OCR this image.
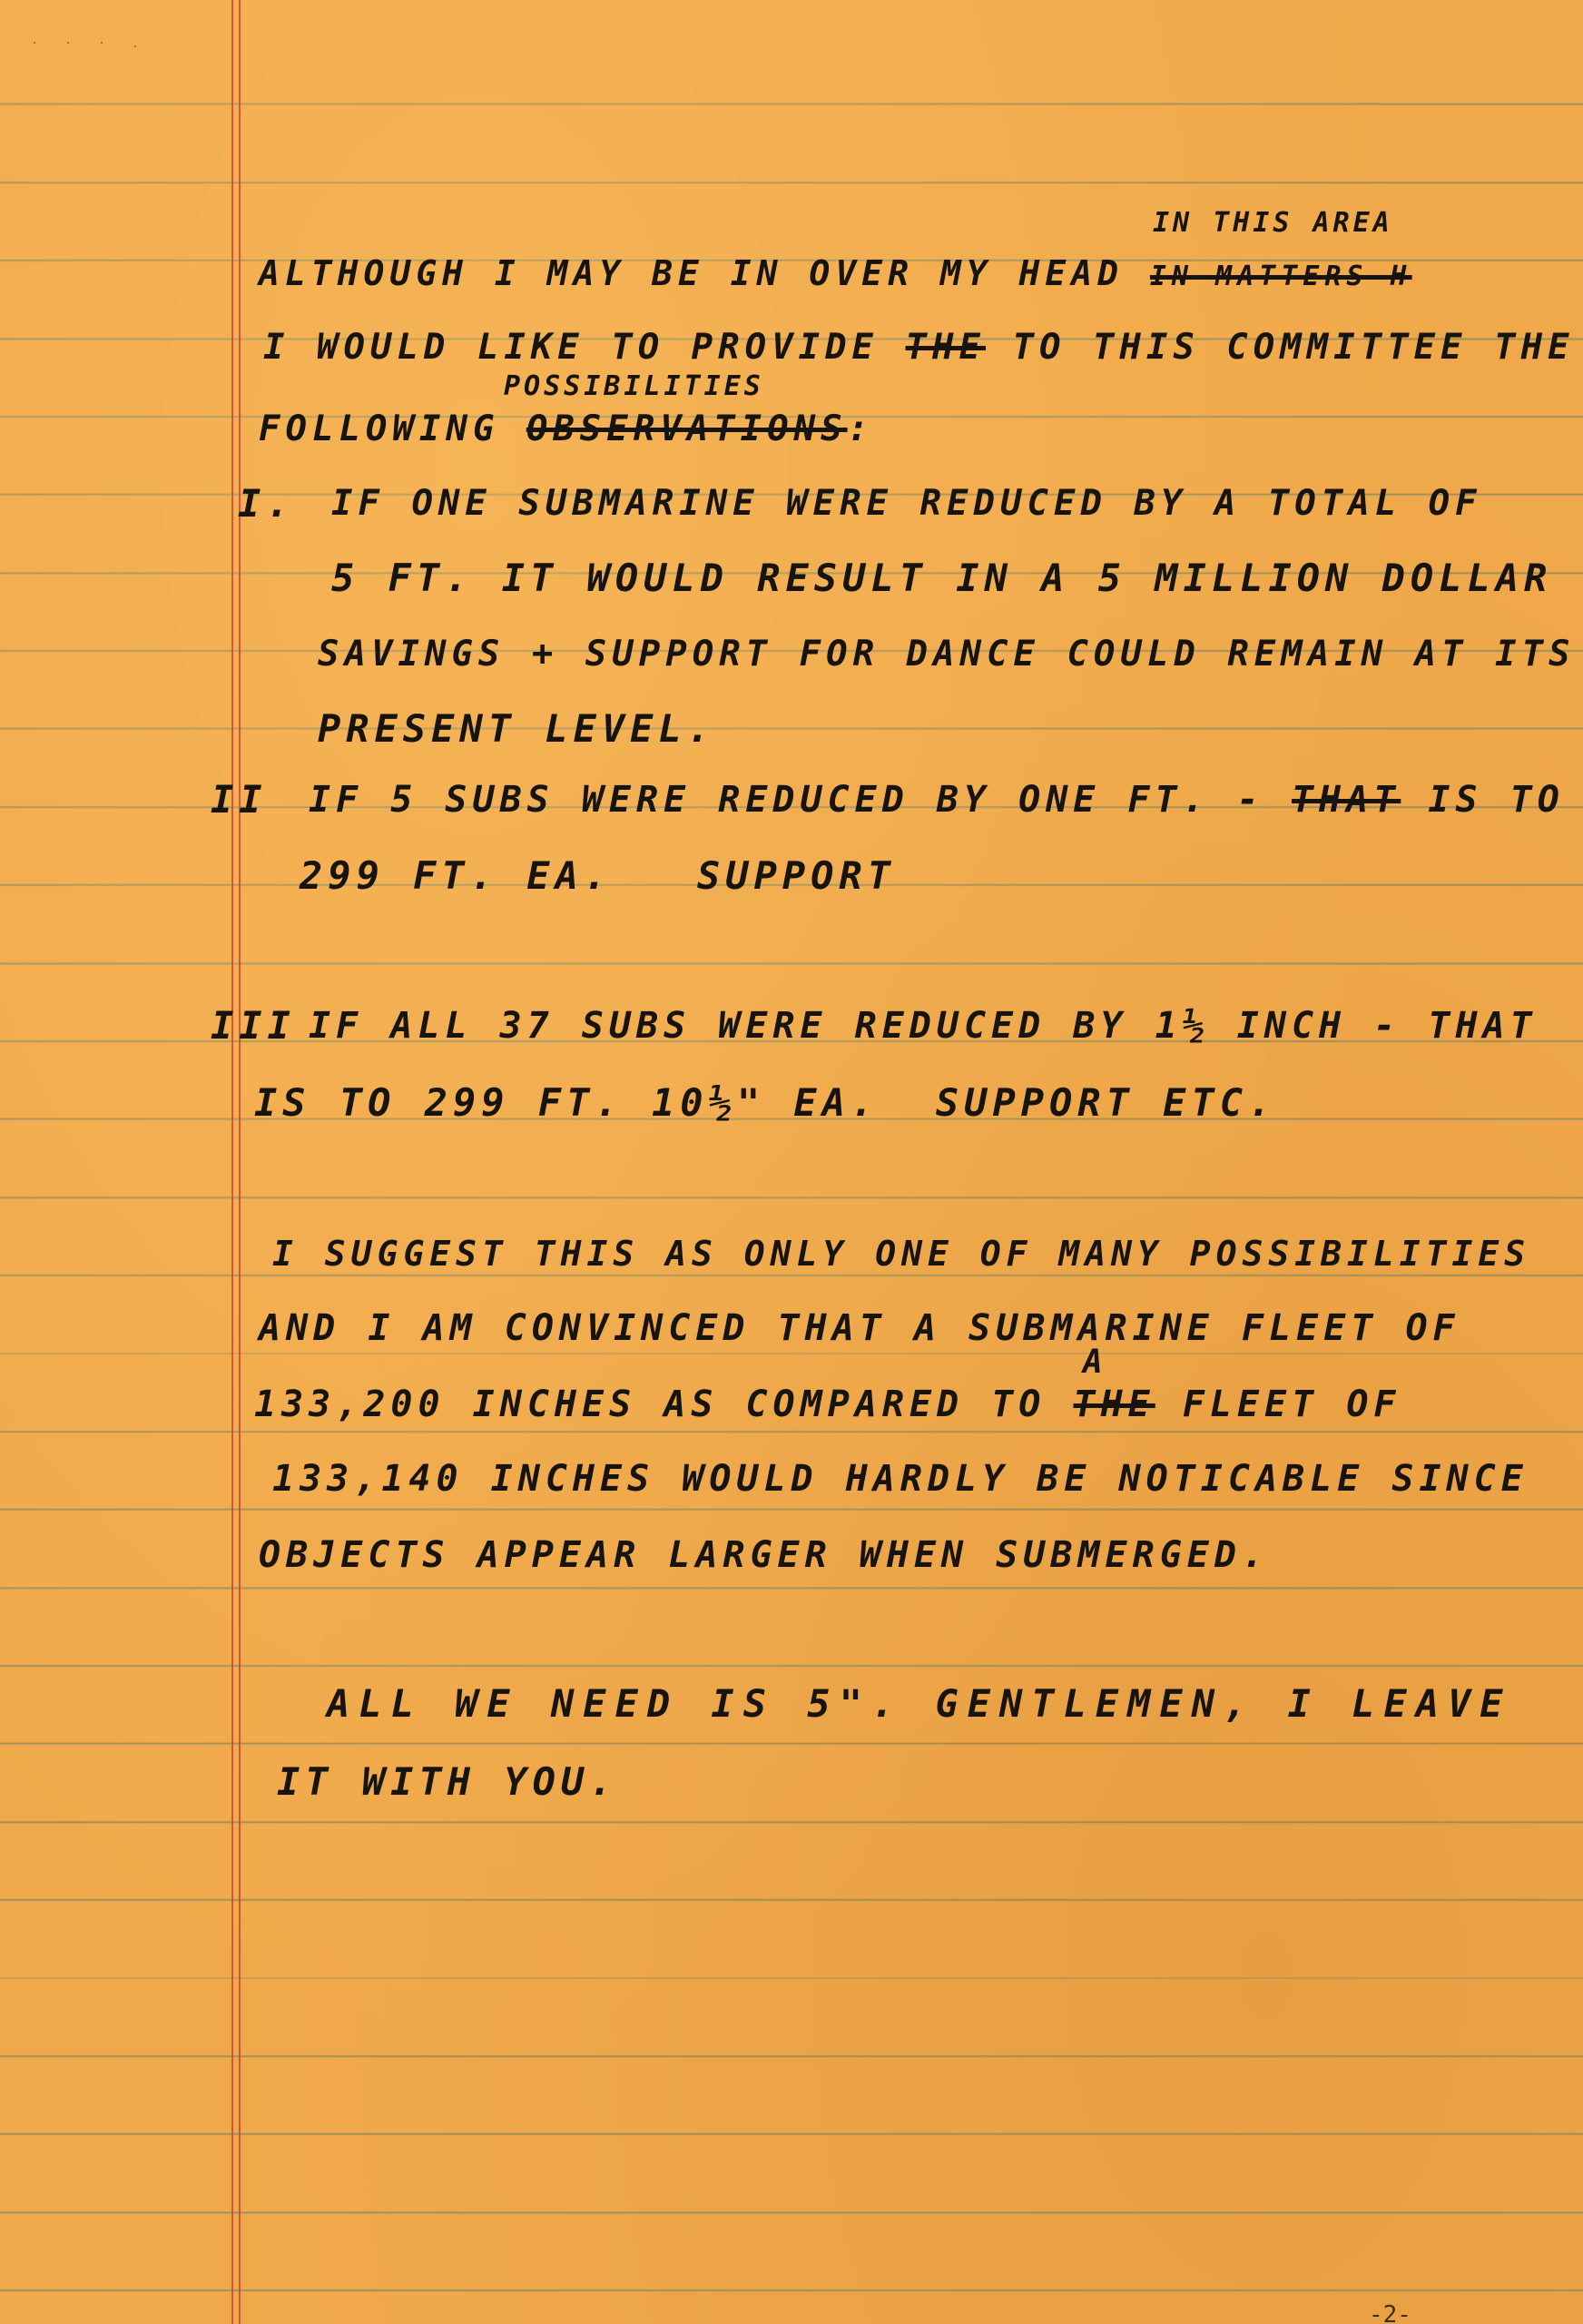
· · · .
IN THIS AREA

ALTHOUGH I MAY BE IN OVER MY HEAD IN MATTERS H

I WOULD LIKE TO PROVIDE THE TO THIS COMMITTEE THE

POSSIBILITIES

FOLLOWING OBSERVATIONS:

I. IF ONE SUBMARINE WERE REDUCED BY A TOTAL OF

5 FT. IT WOULD RESULT IN A 5 MILLION DOLLAR

SAVINGS + SUPPORT FOR DANCE COULD REMAIN AT ITS

PRESENT LEVEL.

II IF 5 SUBS WERE REDUCED BY ONE FT. - THAT IS TO

299 FT. EA.   SUPPORT

III IF ALL 37 SUBS WERE REDUCED BY 1½ INCH - THAT

IS TO 299 FT. 10½" EA.  SUPPORT ETC.

I SUGGEST THIS AS ONLY ONE OF MANY POSSIBILITIES

AND I AM CONVINCED THAT A SUBMARINE FLEET OF

A

133,200 INCHES AS COMPARED TO THE FLEET OF

133,140 INCHES WOULD HARDLY BE NOTICABLE SINCE

OBJECTS APPEAR LARGER WHEN SUBMERGED.

ALL WE NEED IS 5". GENTLEMEN, I LEAVE

IT WITH YOU.

-2-
